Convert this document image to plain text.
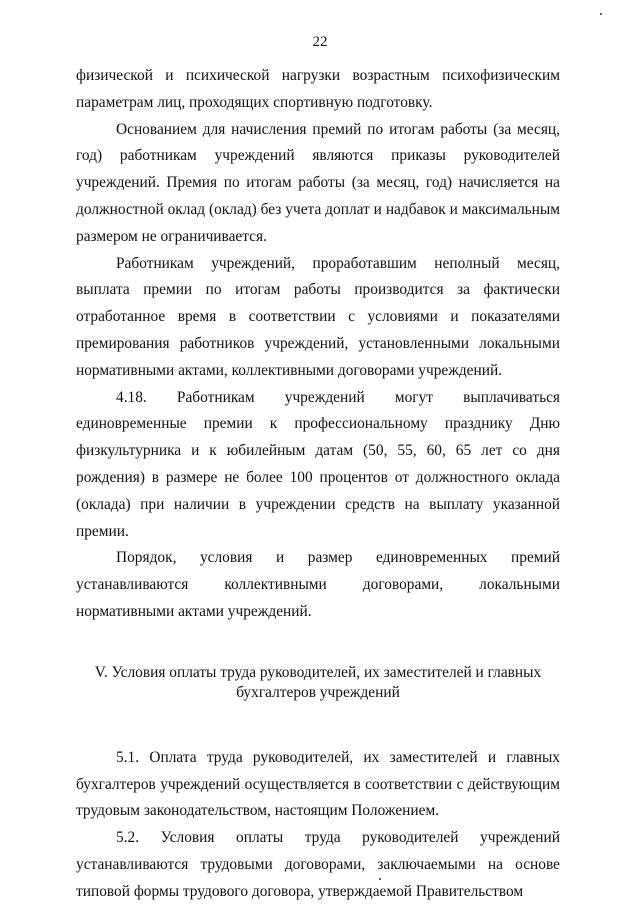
22

физической и психической нагрузки возрастным психофизическим параметрам лиц, проходящих спортивную подготовку.

Основанием для начисления премий по итогам работы (за месяц, год) работникам учреждений являются приказы руководителей учреждений. Премия по итогам работы (за месяц, год) начисляется на должностной оклад (оклад) без учета доплат и надбавок и максимальным размером не ограничивается.

Работникам учреждений, проработавшим неполный месяц, выплата премии по итогам работы производится за фактически отработанное время в соответствии с условиями и показателями премирования работников учреждений, установленными локальными нормативными актами, коллективными договорами учреждений.

4.18. Работникам учреждений могут выплачиваться единовременные премии к профессиональному празднику Дню физкультурника и к юбилейным датам (50, 55, 60, 65 лет со дня рождения) в размере не более 100 процентов от должностного оклада (оклада) при наличии в учреждении средств на выплату указанной премии.

Порядок, условия и размер единовременных премий устанавливаются коллективными договорами, локальными нормативными актами учреждений.

V. Условия оплаты труда руководителей, их заместителей и главных
бухгалтеров учреждений

5.1. Оплата труда руководителей, их заместителей и главных бухгалтеров учреждений осуществляется в соответствии с действующим трудовым законодательством, настоящим Положением.

5.2. Условия оплаты труда руководителей учреждений устанавливаются трудовыми договорами, заключаемыми на основе типовой формы трудового договора, утверждаемой Правительством
